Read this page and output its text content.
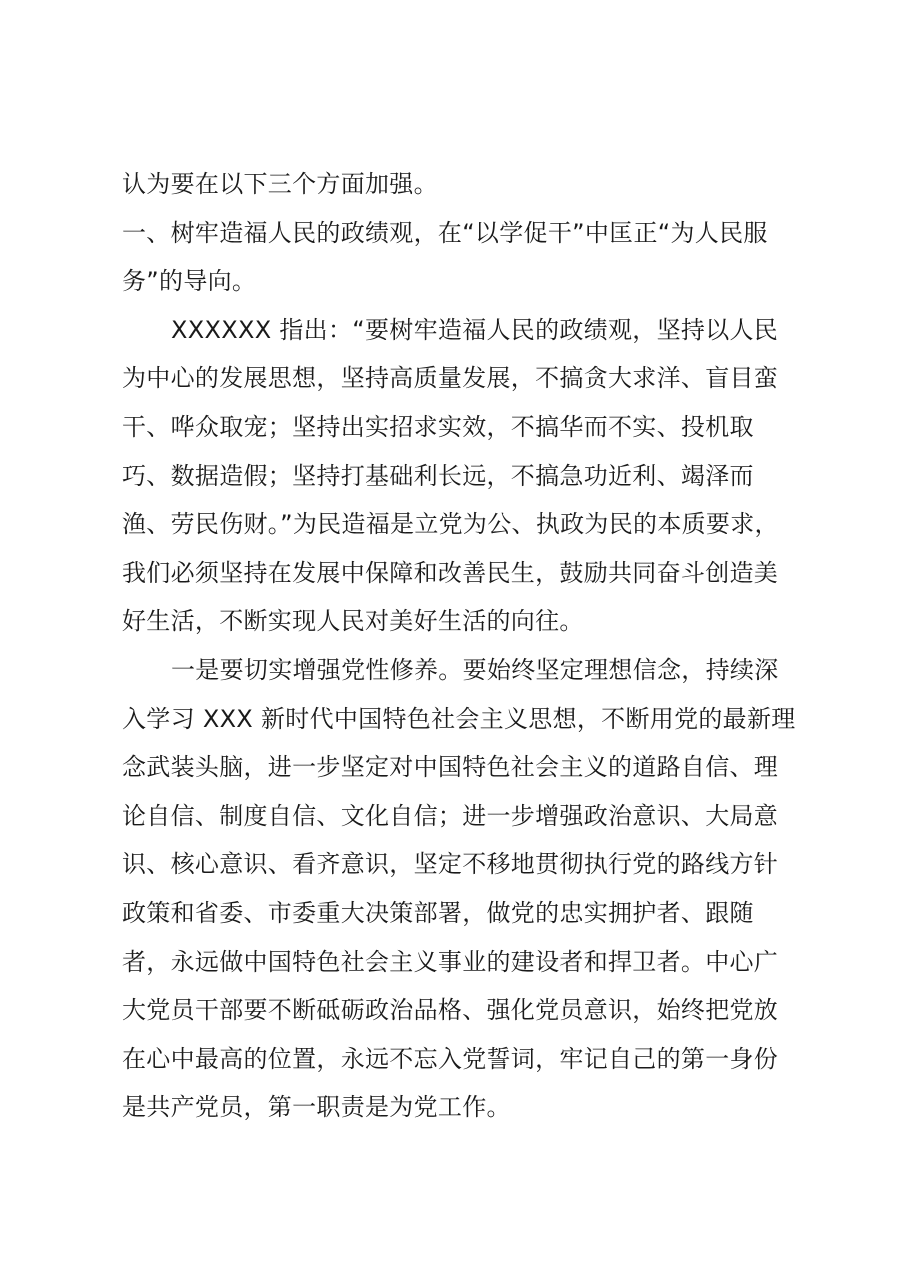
认为要在以下三个方面加强。
一、树牢造福人民的政绩观，在“以学促干”中匡正“为人民服
务”的导向。
XXXXXX 指出：“要树牢造福人民的政绩观，坚持以人民
为中心的发展思想，坚持高质量发展，不搞贪大求洋、盲目蛮
干、哗众取宠；坚持出实招求实效，不搞华而不实、投机取
巧、数据造假；坚持打基础利长远，不搞急功近利、竭泽而
渔、劳民伤财。”为民造福是立党为公、执政为民的本质要求，
我们必须坚持在发展中保障和改善民生，鼓励共同奋斗创造美
好生活，不断实现人民对美好生活的向往。
一是要切实增强党性修养。要始终坚定理想信念，持续深
入学习 XXX 新时代中国特色社会主义思想，不断用党的最新理
念武装头脑，进一步坚定对中国特色社会主义的道路自信、理
论自信、制度自信、文化自信；进一步增强政治意识、大局意
识、核心意识、看齐意识，坚定不移地贯彻执行党的路线方针
政策和省委、市委重大决策部署，做党的忠实拥护者、跟随
者，永远做中国特色社会主义事业的建设者和捍卫者。中心广
大党员干部要不断砥砺政治品格、强化党员意识，始终把党放
在心中最高的位置，永远不忘入党誓词，牢记自己的第一身份
是共产党员，第一职责是为党工作。
